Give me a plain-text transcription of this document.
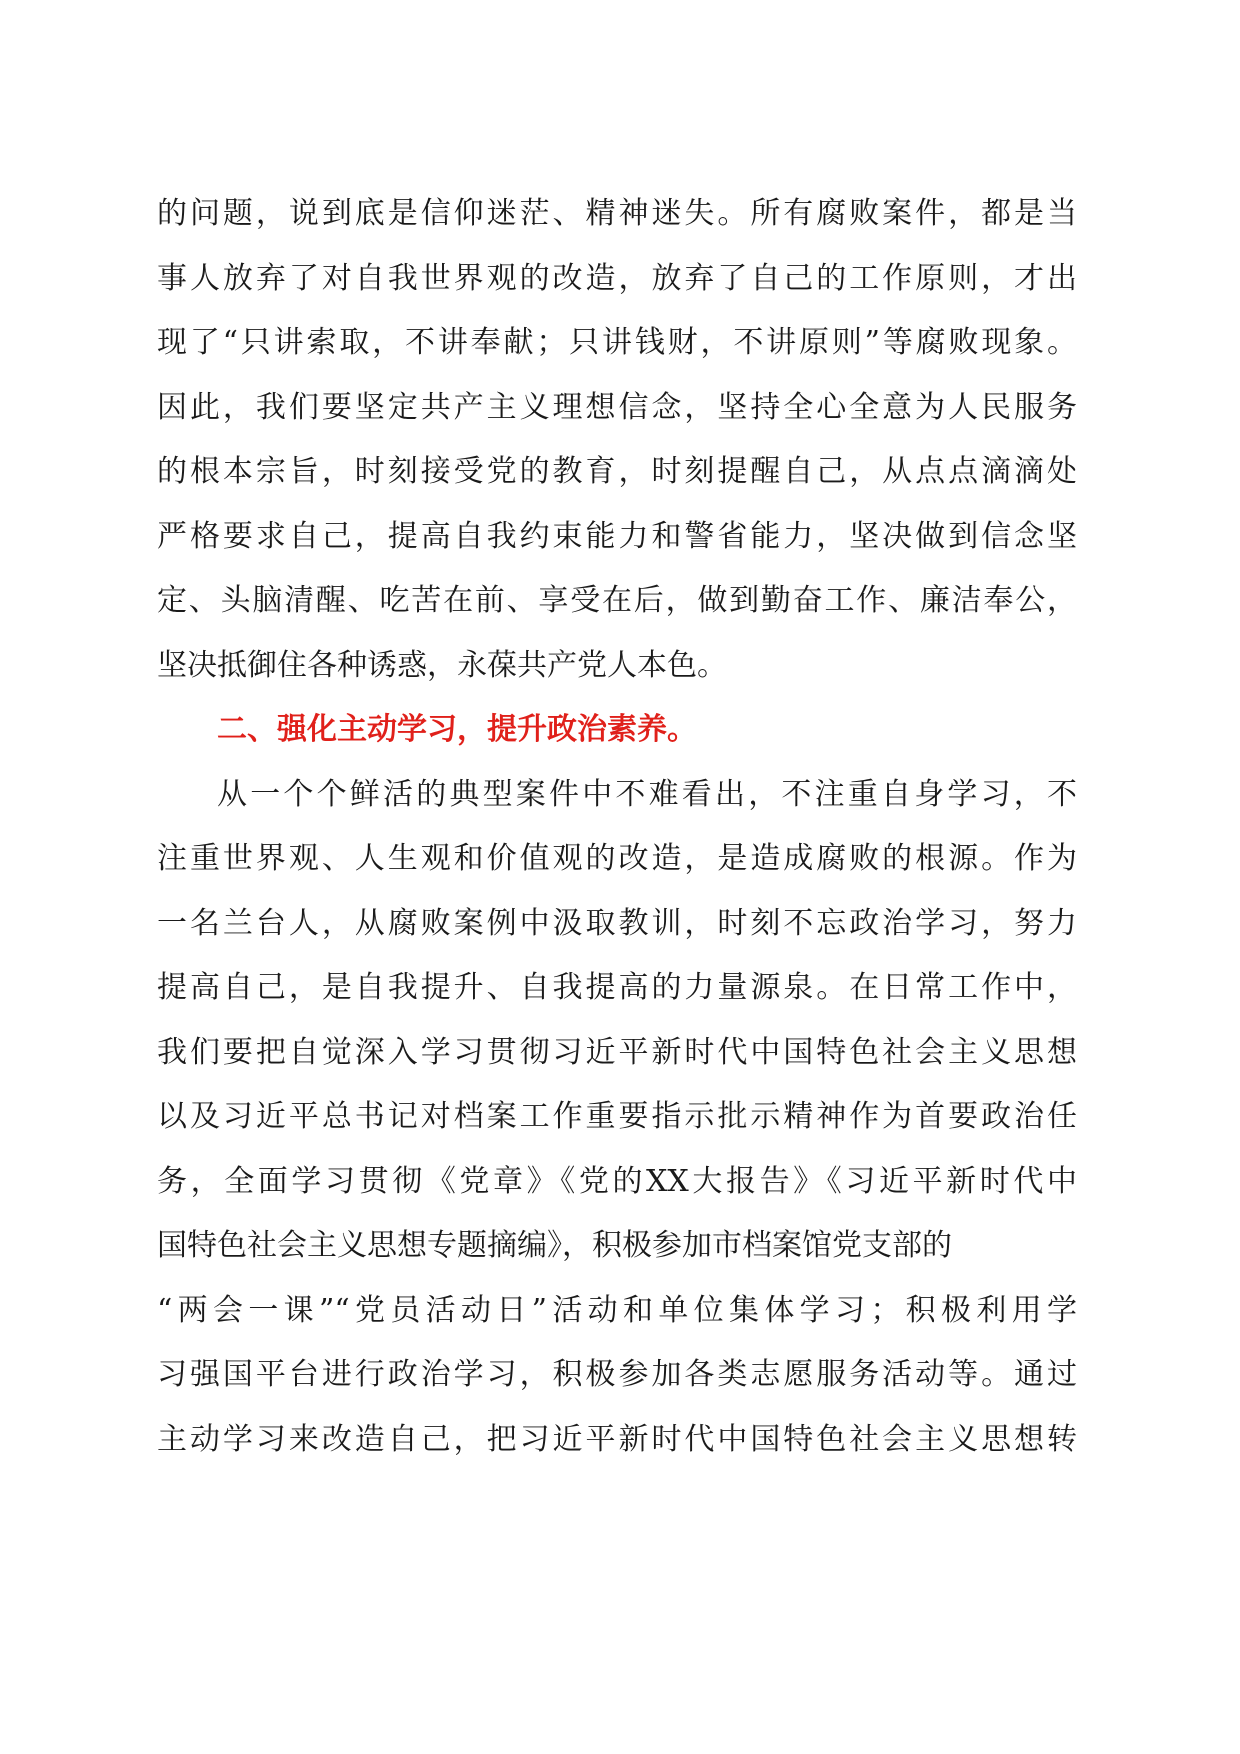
的问题，说到底是信仰迷茫、精神迷失。所有腐败案件，都是当
事人放弃了对自我世界观的改造，放弃了自己的工作原则，才出
现了“只讲索取，不讲奉献；只讲钱财，不讲原则”等腐败现象。
因此，我们要坚定共产主义理想信念，坚持全心全意为人民服务
的根本宗旨，时刻接受党的教育，时刻提醒自己，从点点滴滴处
严格要求自己，提高自我约束能力和警省能力，坚决做到信念坚
定、头脑清醒、吃苦在前、享受在后，做到勤奋工作、廉洁奉公，
坚决抵御住各种诱惑，永葆共产党人本色。
二、强化主动学习，提升政治素养。
从一个个鲜活的典型案件中不难看出，不注重自身学习，不
注重世界观、人生观和价值观的改造，是造成腐败的根源。作为
一名兰台人，从腐败案例中汲取教训，时刻不忘政治学习，努力
提高自己，是自我提升、自我提高的力量源泉。在日常工作中，
我们要把自觉深入学习贯彻习近平新时代中国特色社会主义思想
以及习近平总书记对档案工作重要指示批示精神作为首要政治任
务，全面学习贯彻《党章》《党的XX大报告》《习近平新时代中
国特色社会主义思想专题摘编》，积极参加市档案馆党支部的
“两会一课”“党员活动日”活动和单位集体学习；积极利用学
习强国平台进行政治学习，积极参加各类志愿服务活动等。通过
主动学习来改造自己，把习近平新时代中国特色社会主义思想转
